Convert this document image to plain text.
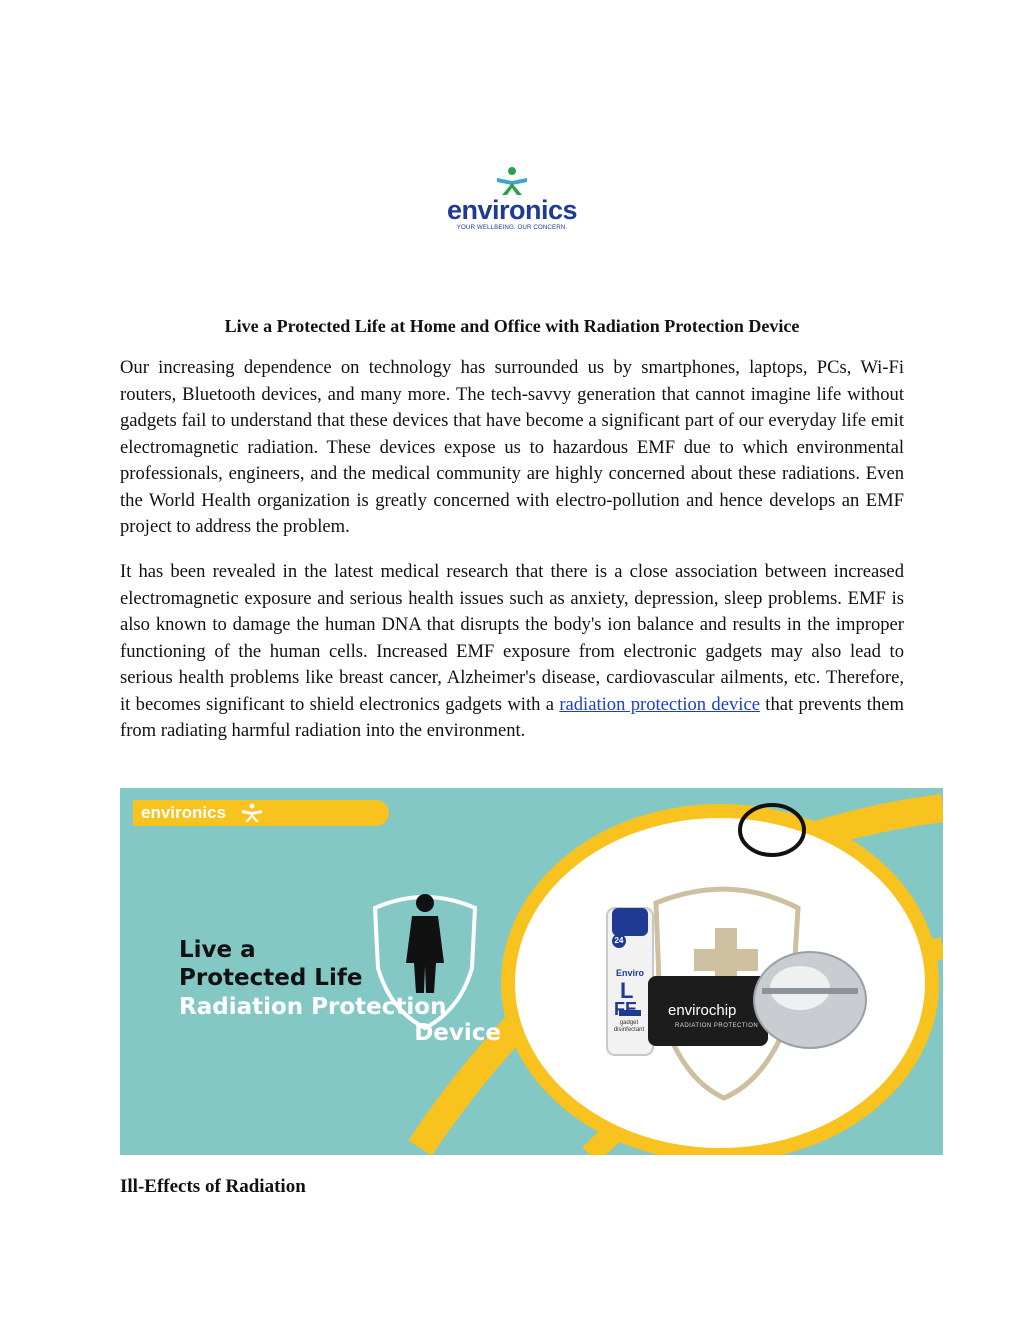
environics
YOUR WELLBEING. OUR CONCERN.
Live a Protected Life at Home and Office with Radiation Protection Device

Our increasing dependence on technology has surrounded us by smartphones, laptops, PCs, Wi-Fi routers, Bluetooth devices, and many more. The tech-savvy generation that cannot imagine life without gadgets fail to understand that these devices that have become a significant part of our everyday life emit electromagnetic radiation. These devices expose us to hazardous EMF due to which environmental professionals, engineers, and the medical community are highly concerned about these radiations. Even the World Health organization is greatly concerned with electro-pollution and hence develops an EMF project to address the problem.

It has been revealed in the latest medical research that there is a close association between increased electromagnetic exposure and serious health issues such as anxiety, depression, sleep problems. EMF is also known to damage the human DNA that disrupts the body's ion balance and results in the improper functioning of the human cells. Increased EMF exposure from electronic gadgets may also lead to serious health problems like breast cancer, Alzheimer's disease, cardiovascular ailments, etc. Therefore, it becomes significant to shield electronics gadgets with a radiation protection device that prevents them from radiating harmful radiation into the environment.

environics
Live a
Protected Life
Radiation Protection
Device
24
Enviro
L
FE
gadget disinfectant
envirochip
RADIATION PROTECTION
Ill-Effects of Radiation
